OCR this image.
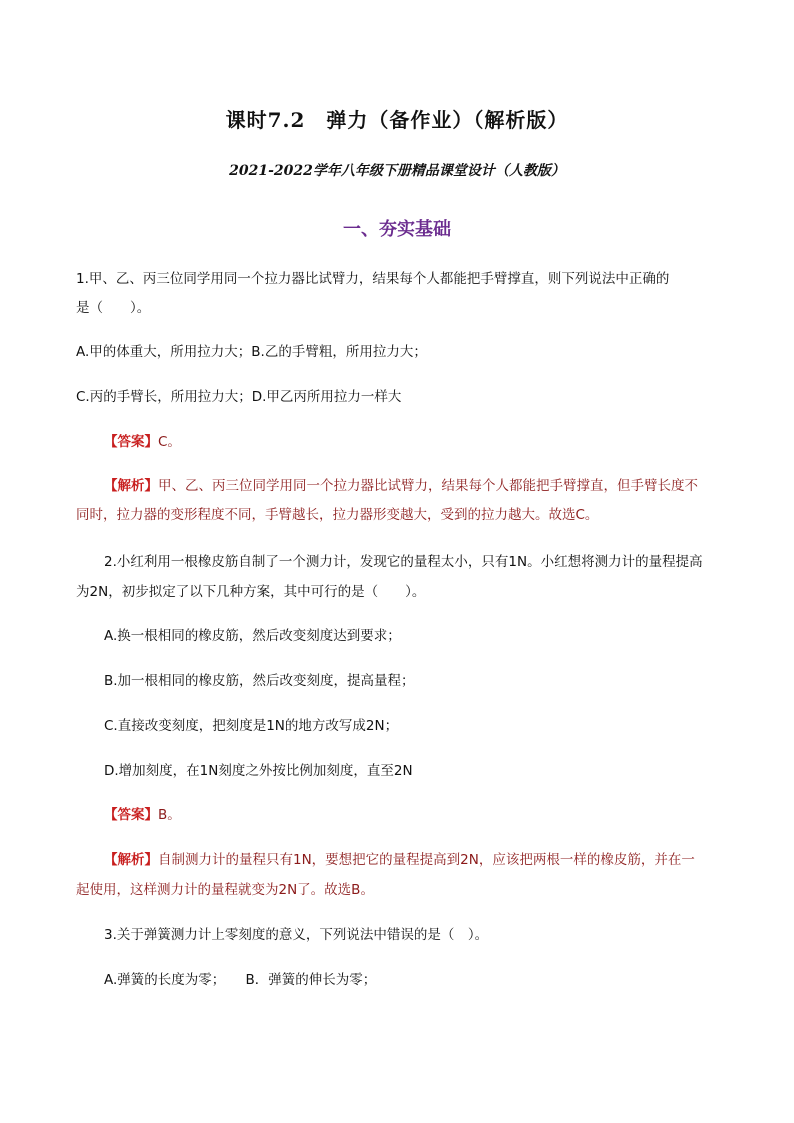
课时7.2　弹力（备作业）（解析版）
2021-2022学年八年级下册精品课堂设计（人教版）
一、夯实基础
1.甲、乙、丙三位同学用同一个拉力器比试臂力，结果每个人都能把手臂撑直，则下列说法中正确的
是（　　）。
A.甲的体重大，所用拉力大；B.乙的手臂粗，所用拉力大；
C.丙的手臂长，所用拉力大；D.甲乙丙所用拉力一样大
【答案】C。
【解析】甲、乙、丙三位同学用同一个拉力器比试臂力，结果每个人都能把手臂撑直，但手臂长度不
同时，拉力器的变形程度不同，手臂越长，拉力器形变越大，受到的拉力越大。故选C。
2.小红利用一根橡皮筋自制了一个测力计，发现它的量程太小，只有1N。小红想将测力计的量程提高
为2N，初步拟定了以下几种方案，其中可行的是（　　）。
A.换一根相同的橡皮筋，然后改变刻度达到要求；
B.加一根相同的橡皮筋，然后改变刻度，提高量程；
C.直接改变刻度，把刻度是1N的地方改写成2N；
D.增加刻度，在1N刻度之外按比例加刻度，直至2N
【答案】B。
【解析】自制测力计的量程只有1N，要想把它的量程提高到2N，应该把两根一样的橡皮筋，并在一
起使用，这样测力计的量程就变为2N了。故选B。
3.关于弹簧测力计上零刻度的意义，下列说法中错误的是（　）。
A.弹簧的长度为零；　　B．弹簧的伸长为零；
